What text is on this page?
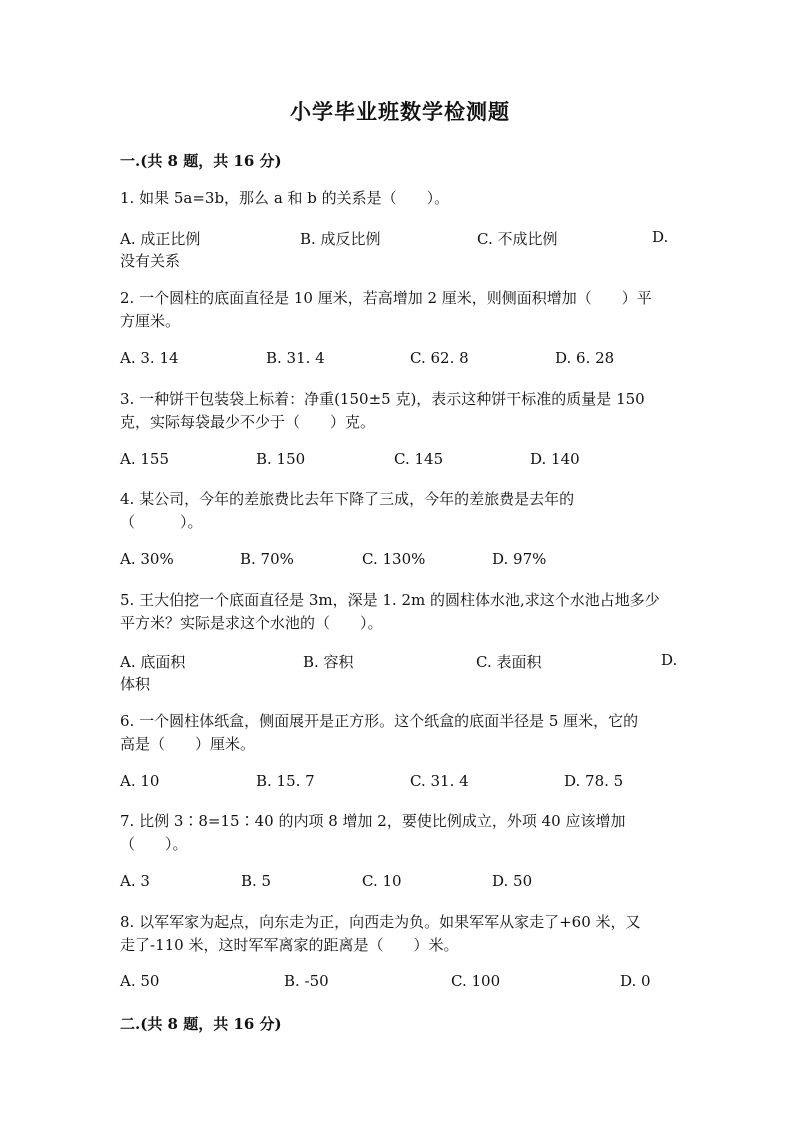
小学毕业班数学检测题
一.(共 8 题，共 16 分)
1. 如果 5a=3b，那么 a 和 b 的关系是（　　）。
A. 成正比例	B. 成反比例	C. 不成比例	D.
没有关系
2. 一个圆柱的底面直径是 10 厘米，若高增加 2 厘米，则侧面积增加（　　）平
方厘米。
A. 3. 14	B. 31. 4	C. 62. 8	D. 6. 28
3. 一种饼干包装袋上标着：净重(150±5 克)，表示这种饼干标准的质量是 150
克，实际每袋最少不少于（　　）克。
A. 155	B. 150	C. 145	D. 140
4. 某公司，今年的差旅费比去年下降了三成，今年的差旅费是去年的
（　　　）。
A. 30%	B. 70%	C. 130%	D. 97%
5. 王大伯挖一个底面直径是 3m，深是 1. 2m 的圆柱体水池,求这个水池占地多少
平方米？实际是求这个水池的（　　）。
A. 底面积	B. 容积	C. 表面积	D.
体积
6. 一个圆柱体纸盒，侧面展开是正方形。这个纸盒的底面半径是 5 厘米，它的
高是（　　）厘米。
A. 10	B. 15. 7	C. 31. 4	D. 78. 5
7. 比例 3∶8=15∶40 的内项 8 增加 2，要使比例成立，外项 40 应该增加
（　　）。
A. 3	B. 5	C. 10	D. 50
8. 以军军家为起点，向东走为正，向西走为负。如果军军从家走了+60 米，又
走了-110 米，这时军军离家的距离是（　　）米。
A. 50	B. -50	C. 100	D. 0
二.(共 8 题，共 16 分)
